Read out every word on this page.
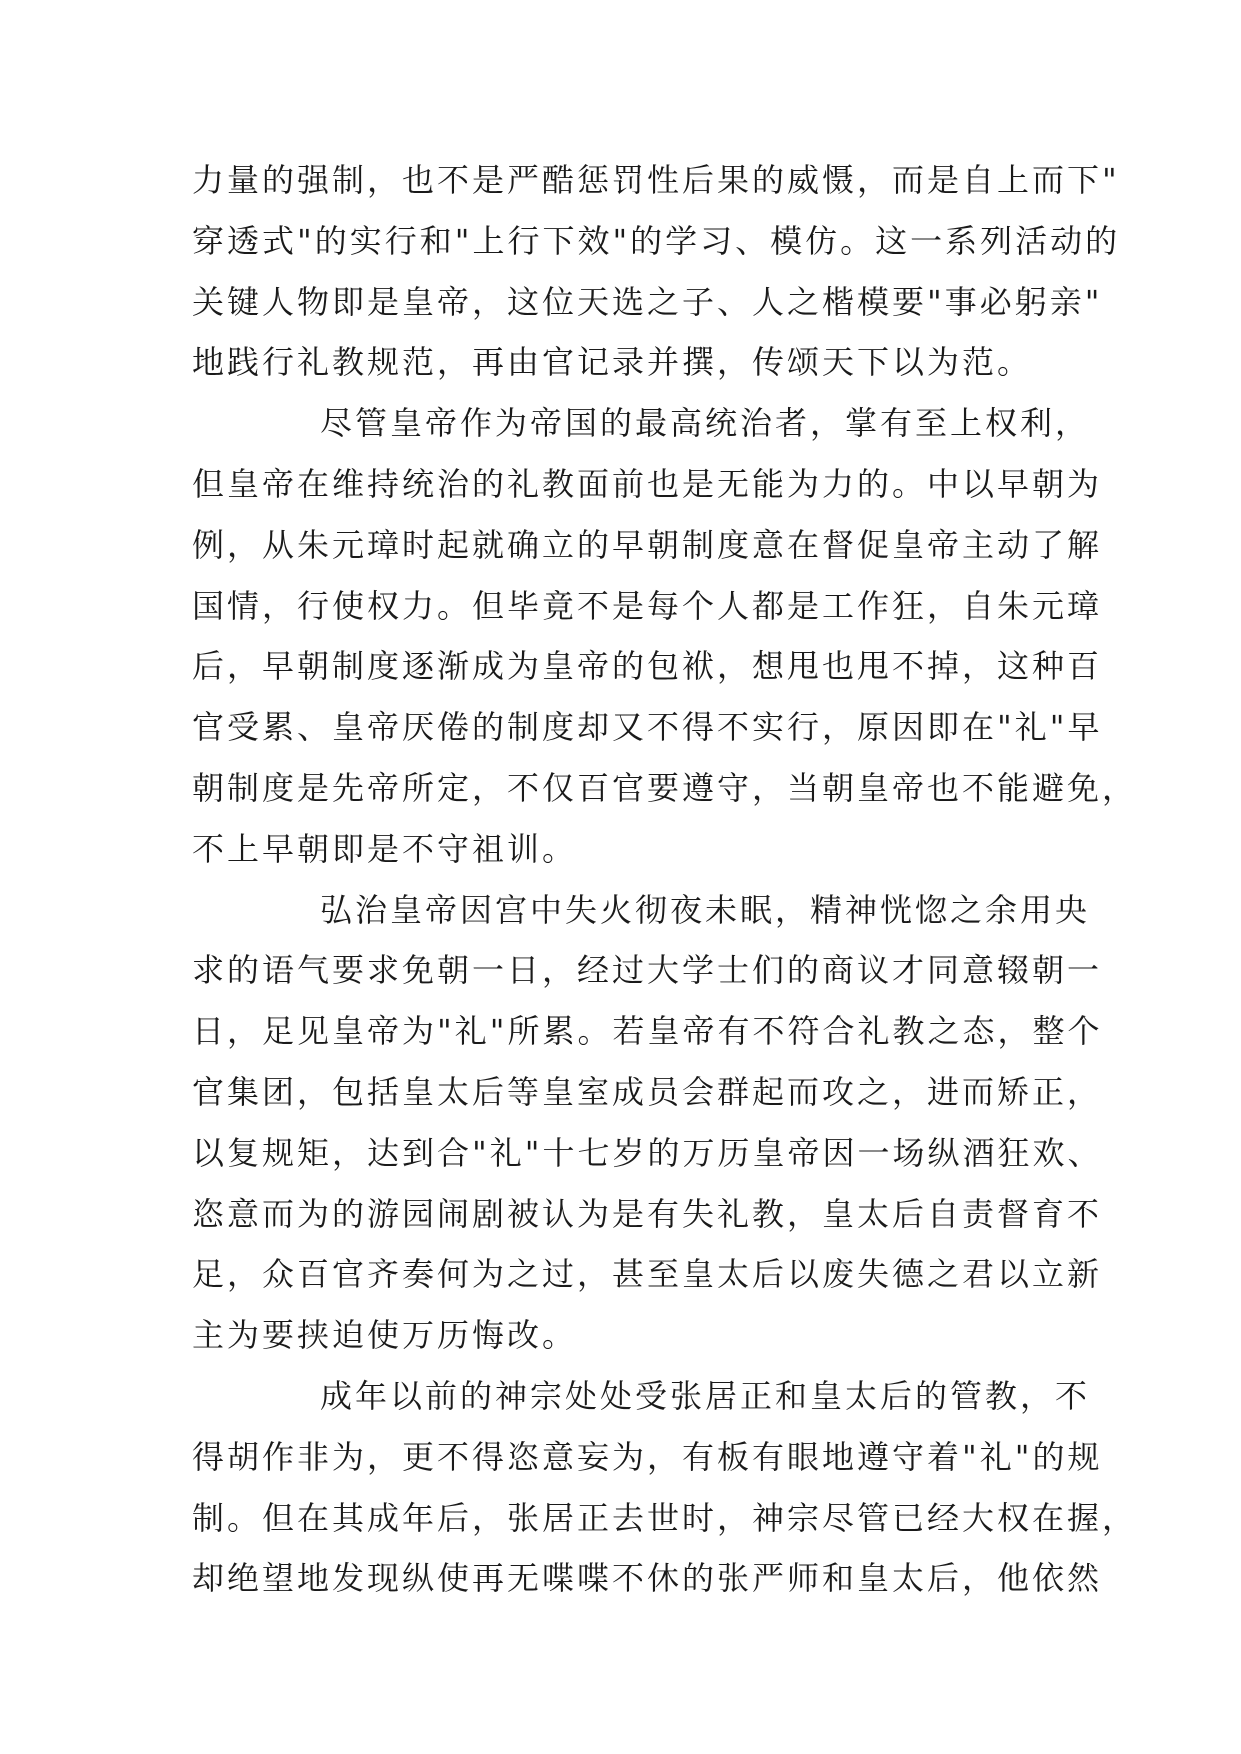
力量的强制，也不是严酷惩罚性后果的威慑，而是自上而下"
穿透式"的实行和"上行下效"的学习、模仿。这一系列活动的
关键人物即是皇帝，这位天选之子、人之楷模要"事必躬亲"
地践行礼教规范，再由官记录并撰，传颂天下以为范。
尽管皇帝作为帝国的最高统治者，掌有至上权利，
但皇帝在维持统治的礼教面前也是无能为力的。中以早朝为
例，从朱元璋时起就确立的早朝制度意在督促皇帝主动了解
国情，行使权力。但毕竟不是每个人都是工作狂，自朱元璋
后，早朝制度逐渐成为皇帝的包袱，想甩也甩不掉，这种百
官受累、皇帝厌倦的制度却又不得不实行，原因即在"礼"早
朝制度是先帝所定，不仅百官要遵守，当朝皇帝也不能避免，
不上早朝即是不守祖训。
弘治皇帝因宫中失火彻夜未眠，精神恍惚之余用央
求的语气要求免朝一日，经过大学士们的商议才同意辍朝一
日，足见皇帝为"礼"所累。若皇帝有不符合礼教之态，整个
官集团，包括皇太后等皇室成员会群起而攻之，进而矫正，
以复规矩，达到合"礼"十七岁的万历皇帝因一场纵酒狂欢、
恣意而为的游园闹剧被认为是有失礼教，皇太后自责督育不
足，众百官齐奏何为之过，甚至皇太后以废失德之君以立新
主为要挟迫使万历悔改。
成年以前的神宗处处受张居正和皇太后的管教，不
得胡作非为，更不得恣意妄为，有板有眼地遵守着"礼"的规
制。但在其成年后，张居正去世时，神宗尽管已经大权在握，
却绝望地发现纵使再无喋喋不休的张严师和皇太后，他依然
